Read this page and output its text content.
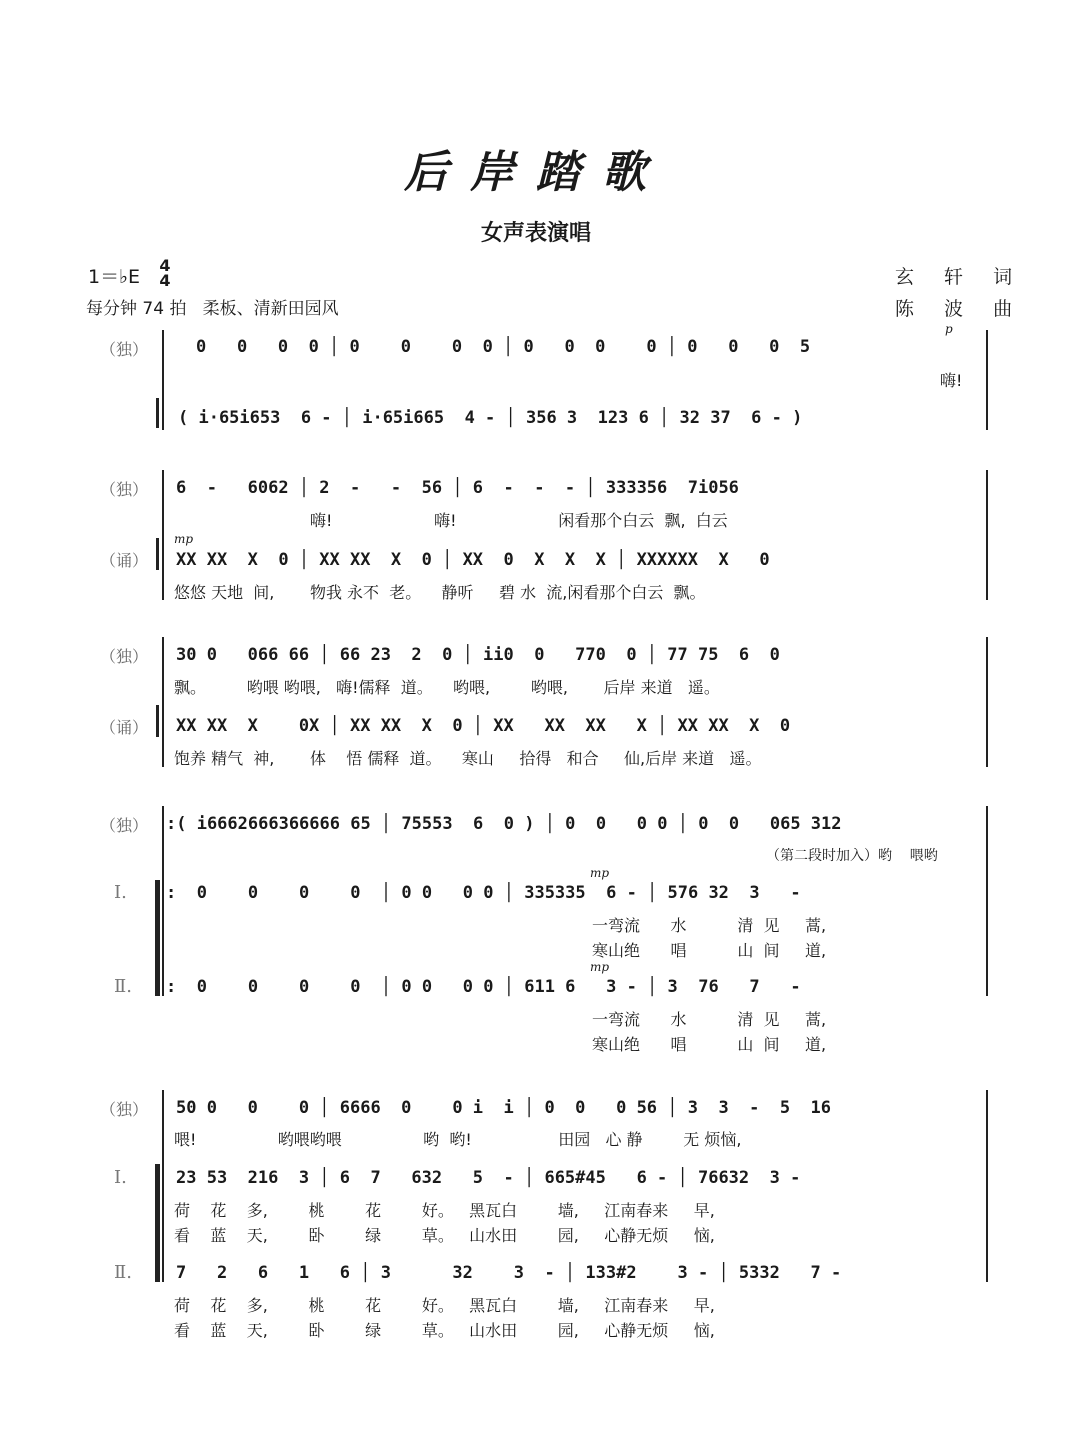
后岸踏歌
女声表演唱
1＝♭E
4
4
每分钟 74 拍   柔板、清新田园风
玄 轩 词
陈 波 曲
（独）	0   0   0  0 │ 0    0    0  0 │ 0   0  0    0 │ 0   0   0  5
p
嗨!
( i·65i653  6 - │ i·65i665  4 - │ 356 3  123 6 │ 32 37  6 - )
（独）
（诵）
6  -   6062 │ 2  -   -  56 │ 6  -  -  - │ 333356  7i056
嗨!                    嗨!                    闲看那个白云  飘,  白云
mp
XX XX  X  0 │ XX XX  X  0 │ XX  0  X  X  X │ XXXXXX  X   0
悠悠 天地  间,       物我 永不  老。    静听     碧 水  流,闲看那个白云  飘。
（独）
（诵）
30 0   066 66 │ 66 23  2  0 │ ii0  0   770  0 │ 77 75  6  0
飘。        哟喂 哟喂,   嗨!儒释  道。    哟喂,        哟喂,       后岸 来道   遥。
XX XX  X    0X │ XX XX  X  0 │ XX   XX  XX   X │ XX XX  X  0
饱养 精气  神,       体    悟 儒释  道。    寒山     拾得   和合     仙,后岸 来道   遥。
（独）
Ⅰ.
Ⅱ.
:( i6662666366666 65 │ 75553  6  0 ) │ 0  0   0 0 │ 0  0   065 312
（第二段时加入）哟    喂哟
mp
:  0    0    0    0  │ 0 0   0 0 │ 335335  6 - │ 576 32  3   -
一弯流      水          清  见     蒿,
寒山绝      唱          山  间     道,
mp
:  0    0    0    0  │ 0 0   0 0 │ 611 6   3 - │ 3  76   7   -
一弯流      水          清  见     蒿,
寒山绝      唱          山  间     道,
（独）
Ⅰ.
Ⅱ.
50 0   0    0 │ 6666  0    0 i  i │ 0  0   0 56 │ 3  3  -  5  16
喂!                哟喂哟喂                哟  哟!                 田园   心 静        无 烦恼,
23 53  216  3 │ 6  7   632   5  - │ 665#45   6 - │ 76632  3 -
荷    花    多,        桃        花        好。   黑瓦白        墙,     江南春来     早,
看    蓝    天,        卧        绿        草。   山水田        园,     心静无烦     恼,
7   2   6   1   6 │ 3      32    3  - │ 133#2    3 - │ 5332   7 -
荷    花    多,        桃        花        好。   黑瓦白        墙,     江南春来     早,
看    蓝    天,        卧        绿        草。   山水田        园,     心静无烦     恼,
